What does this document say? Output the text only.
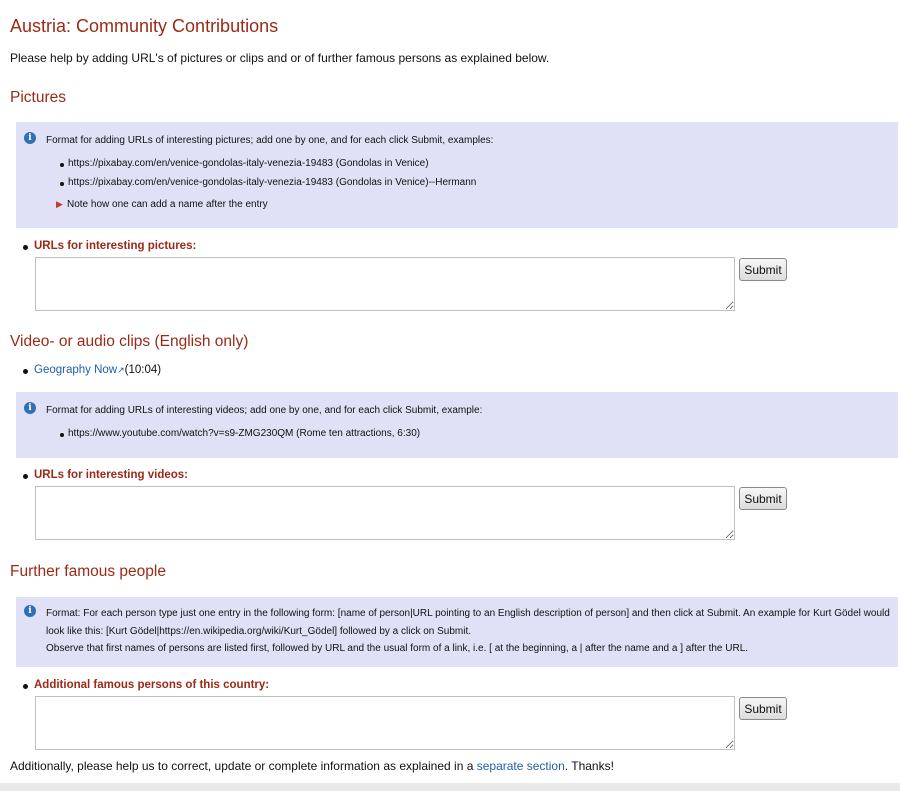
Austria: Community Contributions
Please help by adding URL's of pictures or clips and or of further famous persons as explained below.
Pictures
i	Format for adding URLs of interesting pictures; add one by one, and for each click Submit, examples:
https://pixabay.com/en/venice-gondolas-italy-venezia-19483 (Gondolas in Venice)
https://pixabay.com/en/venice-gondolas-italy-venezia-19483 (Gondolas in Venice)--Hermann
▶ Note how one can add a name after the entry
URLs for interesting pictures:
Submit
Video- or audio clips (English only)
Geography Now↗(10:04)
i	Format for adding URLs of interesting videos; add one by one, and for each click Submit, example:
https://www.youtube.com/watch?v=s9-ZMG230QM (Rome ten attractions, 6:30)
URLs for interesting videos:
Submit
Further famous people
i	Format: For each person type just one entry in the following form: [name of person|URL pointing to an English description of person] and then click at Submit. An example for Kurt Gödel would
look like this: [Kurt Gödel|https://en.wikipedia.org/wiki/Kurt_Gödel] followed by a click on Submit.
Observe that first names of persons are listed first, followed by URL and the usual form of a link, i.e. [ at the beginning, a | after the name and a ] after the URL.
Additional famous persons of this country:
Submit
Additionally, please help us to correct, update or complete information as explained in a separate section. Thanks!
